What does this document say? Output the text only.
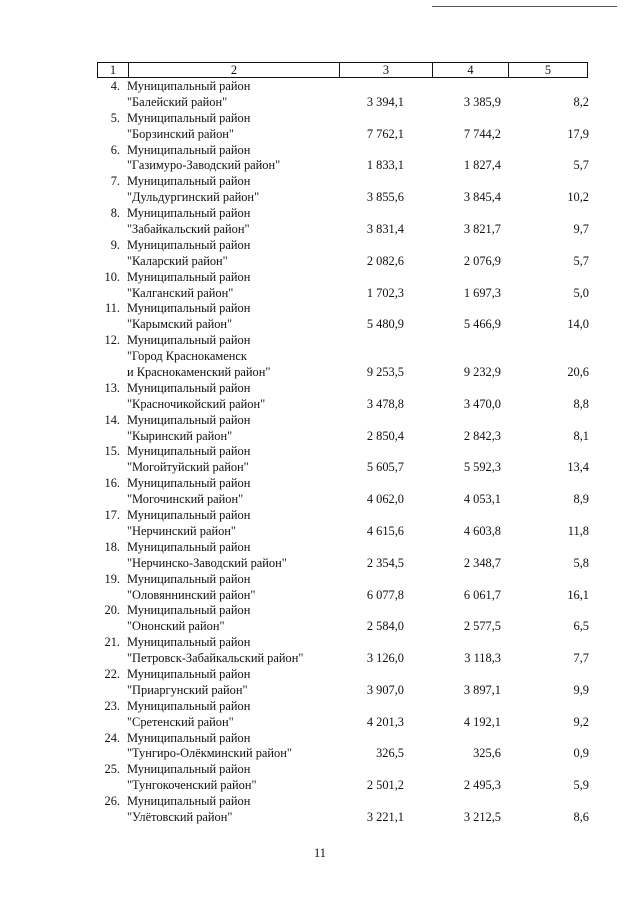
1	2	3	4	5
4. Муниципальный район
"Балейский район"	3 394,1	3 385,9	8,2
5. Муниципальный район
"Борзинский район"	7 762,1	7 744,2	17,9
6. Муниципальный район
"Газимуро-Заводский район"	1 833,1	1 827,4	5,7
7. Муниципальный район
"Дульдургинский район"	3 855,6	3 845,4	10,2
8. Муниципальный район
"Забайкальский район"	3 831,4	3 821,7	9,7
9. Муниципальный район
"Каларский район"	2 082,6	2 076,9	5,7
10. Муниципальный район
"Калганский район"	1 702,3	1 697,3	5,0
11. Муниципальный район
"Карымский район"	5 480,9	5 466,9	14,0
12. Муниципальный район
"Город Краснокаменск
и Краснокаменский район"	9 253,5	9 232,9	20,6
13. Муниципальный район
"Красночикойский район"	3 478,8	3 470,0	8,8
14. Муниципальный район
"Кыринский район"	2 850,4	2 842,3	8,1
15. Муниципальный район
"Могойтуйский район"	5 605,7	5 592,3	13,4
16. Муниципальный район
"Могочинский район"	4 062,0	4 053,1	8,9
17. Муниципальный район
"Нерчинский район"	4 615,6	4 603,8	11,8
18. Муниципальный район
"Нерчинско-Заводский район"	2 354,5	2 348,7	5,8
19. Муниципальный район
"Оловяннинский район"	6 077,8	6 061,7	16,1
20. Муниципальный район
"Ононский район"	2 584,0	2 577,5	6,5
21. Муниципальный район
"Петровск-Забайкальский район"	3 126,0	3 118,3	7,7
22. Муниципальный район
"Приаргунский район"	3 907,0	3 897,1	9,9
23. Муниципальный район
"Сретенский район"	4 201,3	4 192,1	9,2
24. Муниципальный район
"Тунгиро-Олёкминский район"	326,5	325,6	0,9
25. Муниципальный район
"Тунгокоченский район"	2 501,2	2 495,3	5,9
26. Муниципальный район
"Улётовский район"	3 221,1	3 212,5	8,6
11
